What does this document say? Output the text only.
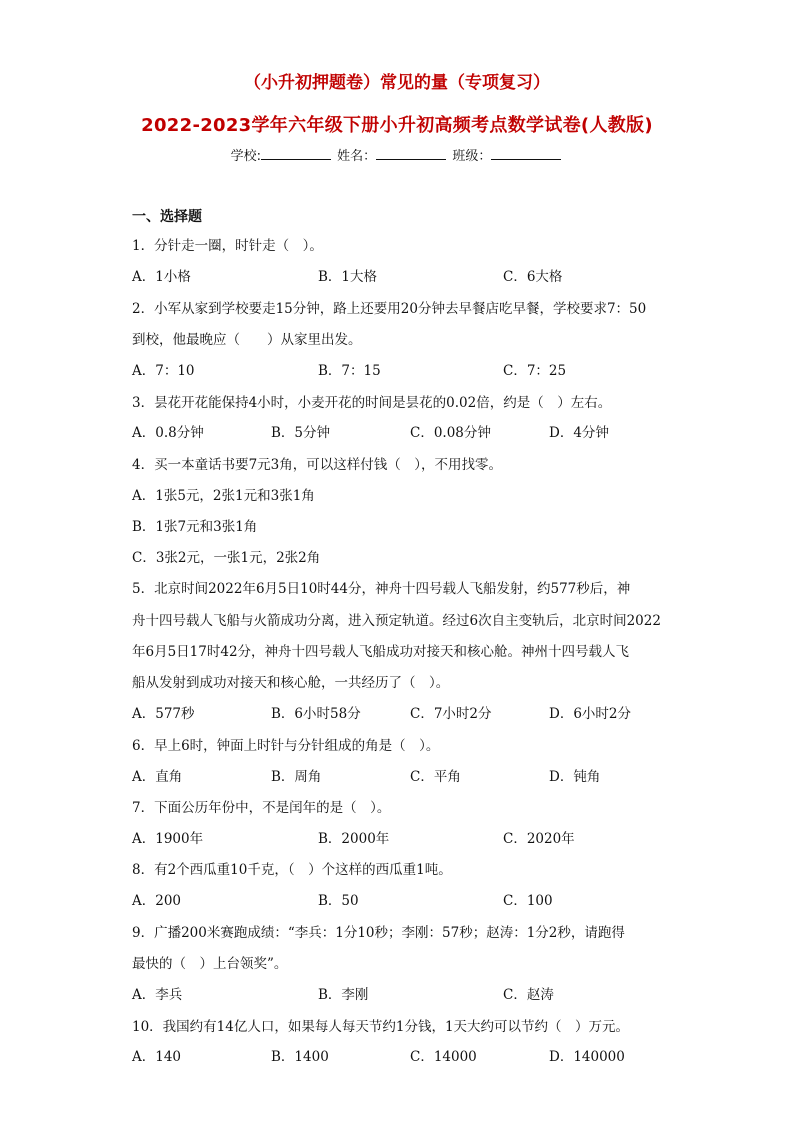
（小升初押题卷）常见的量（专项复习）
2022-2023学年六年级下册小升初高频考点数学试卷(人教版)
学校:	姓名：	班级：
一、选择题
1．分针走一圈，时针走（　）。
A．1小格	B．1大格	C．6大格
2．小军从家到学校要走15分钟，路上还要用20分钟去早餐店吃早餐，学校要求7：50
到校，他最晚应（　　）从家里出发。
A．7：10	B．7：15	C．7：25
3．昙花开花能保持4小时，小麦开花的时间是昙花的0.02倍，约是（　）左右。
A．0.8分钟	B．5分钟	C．0.08分钟	D．4分钟
4．买一本童话书要7元3角，可以这样付钱（　），不用找零。
A．1张5元，2张1元和3张1角
B．1张7元和3张1角
C．3张2元，一张1元，2张2角
5．北京时间2022年6月5日10时44分，神舟十四号载人飞船发射，约577秒后，神
舟十四号载人飞船与火箭成功分离，进入预定轨道。经过6次自主变轨后，北京时间2022
年6月5日17时42分，神舟十四号载人飞船成功对接天和核心舱。神州十四号载人飞
船从发射到成功对接天和核心舱，一共经历了（　）。
A．577秒	B．6小时58分	C．7小时2分	D．6小时2分
6．早上6时，钟面上时针与分针组成的角是（　）。
A．直角	B．周角	C．平角	D．钝角
7．下面公历年份中，不是闰年的是（　）。
A．1900年	B．2000年	C．2020年
8．有2个西瓜重10千克，（　）个这样的西瓜重1吨。
A．200	B．50	C．100
9．广播200米赛跑成绩：“李兵：1分10秒；李刚：57秒；赵涛：1分2秒，请跑得
最快的（　）上台领奖”。
A．李兵	B．李刚	C．赵涛
10．我国约有14亿人口，如果每人每天节约1分钱，1天大约可以节约（　）万元。
A．140	B．1400	C．14000	D．140000
